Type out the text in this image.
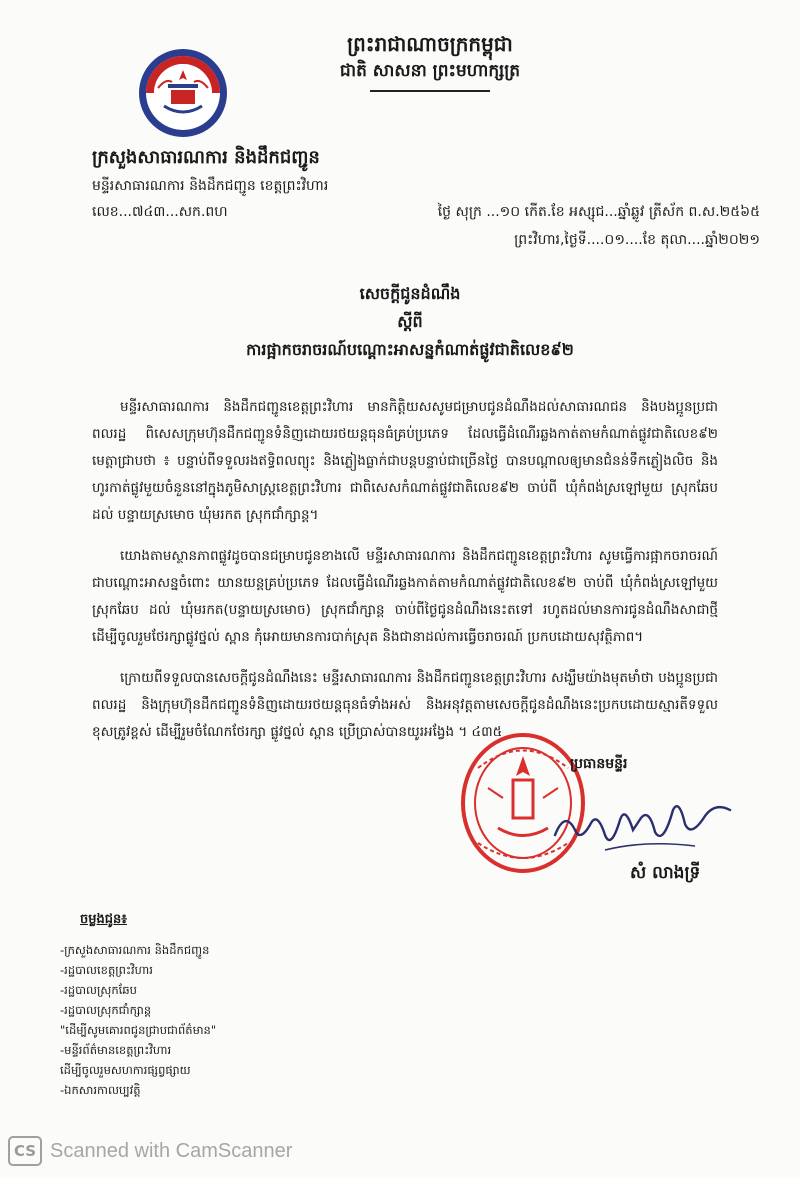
ព្រះរាជាណាចក្រកម្ពុជា

ជាតិ សាសនា ព្រះមហាក្សត្រ

ក្រសួងសាធារណការ និងដឹកជញ្ជូន
មន្ទីរសាធារណការ និងដឹកជញ្ជូន ខេត្តព្រះវិហារ
លេខ...៧៤៣...សក.ពហ	ថ្ងៃ សុក្រ ...១០ កើត.ខែ អស្សុជ...ឆ្នាំឆ្លូវ ត្រីស័ក ព.ស.២៥៦៥
ព្រះវិហារ,ថ្ងៃទី....០១....ខែ តុលា....ឆ្នាំ២០២១
សេចក្តីជូនដំណឹង
ស្តីពី
ការផ្អាកចរាចរណ៍បណ្តោះអាសន្នកំណាត់ផ្លូវជាតិលេខ៩២

មន្ទីរសាធារណការ និងដឹកជញ្ជូនខេត្តព្រះវិហារ មានកិត្តិយសសូមជម្រាបជូនដំណឹងដល់សាធារណជន និងបងប្អូនប្រជាពលរដ្ឋ ពិសេសក្រុមហ៊ុនដឹកជញ្ជូនទំនិញដោយរថយន្តធុនធំគ្រប់ប្រភេទ ដែលធ្វើដំណើរឆ្លងកាត់តាមកំណាត់ផ្លូវជាតិលេខ៩២ មេត្តាជ្រាបថា ៖ បន្ទាប់ពីទទួលរងឥទ្ធិពលព្យុះ និងភ្លៀងធ្លាក់ជាបន្តបន្ទាប់ជាច្រើនថ្ងៃ បានបណ្តាលឲ្យមានជំនន់ទឹកភ្លៀងលិច និងហូរកាត់ផ្លូវមួយចំនួននៅក្នុងភូមិសាស្ត្រខេត្តព្រះវិហារ ជាពិសេសកំណាត់ផ្លូវជាតិលេខ៩២ ចាប់ពី ឃុំកំពង់ស្រឡៅមួយ ស្រុកឆែប ដល់ បន្ទាយស្រមោច ឃុំមរកត ស្រុកជាំក្សាន្ត។

យោងតាមស្ថានភាពផ្លូវដូចបានជម្រាបជូនខាងលើ មន្ទីរសាធារណការ និងដឹកជញ្ជូនខេត្តព្រះវិហារ សូមធ្វើការផ្អាកចរាចរណ៍ជាបណ្តោះអាសន្នចំពោះ យានយន្តគ្រប់ប្រភេទ ដែលធ្វើដំណើរឆ្លងកាត់តាមកំណាត់ផ្លូវជាតិលេខ៩២ ចាប់ពី ឃុំកំពង់ស្រឡៅមួយ ស្រុកឆែប ដល់ ឃុំមរកត(បន្ទាយស្រមោច) ស្រុកជាំក្សាន្ត ចាប់ពីថ្ងៃជូនដំណឹងនេះតទៅ រហូតដល់មានការជូនដំណឹងសាជាថ្មី ដើម្បីចូលរួមថែរក្សាផ្លូវថ្នល់ ស្ពាន កុំអោយមានការបាក់ស្រុត និងជានាដល់ការធ្វើចរាចរណ៍ ប្រកបដោយសុវត្ថិភាព។

ក្រោយពីទទួលបានសេចក្តីជូនដំណឹងនេះ មន្ទីរសាធារណការ និងដឹកជញ្ជូនខេត្តព្រះវិហារ សង្ឃឹមយ៉ាងមុតមាំថា បងប្អូនប្រជាពលរដ្ឋ និងក្រុមហ៊ុនដឹកជញ្ជូនទំនិញដោយរថយន្តធុនធំទាំងអស់ និងអនុវត្តតាមសេចក្តីជូនដំណឹងនេះប្រកបដោយស្មារតីទទួលខុសត្រូវខ្ពស់ ដើម្បីរួមចំណែកថែរក្សា ផ្លូវថ្នល់ ស្ពាន ប្រើប្រាស់បានយូរអង្វែង ។ ៤៣៥

ប្រធានមន្ទីរ
សំ លាងទ្រី
ចម្លងជូន៖
-ក្រសួងសាធារណការ និងដឹកជញ្ជូន
-រដ្ឋបាលខេត្តព្រះវិហារ
-រដ្ឋបាលស្រុកឆែប
-រដ្ឋបាលស្រុកជាំក្សាន្ត
"ដើម្បីសូមគោរពជូនជ្រាបជាព័ត៌មាន"
-មន្ទីរព័ត៌មានខេត្តព្រះវិហារ
ដើម្បីចូលរួមសហការផ្សព្វផ្សាយ
-ឯកសារកាលប្បវត្តិ
CS Scanned with CamScanner
